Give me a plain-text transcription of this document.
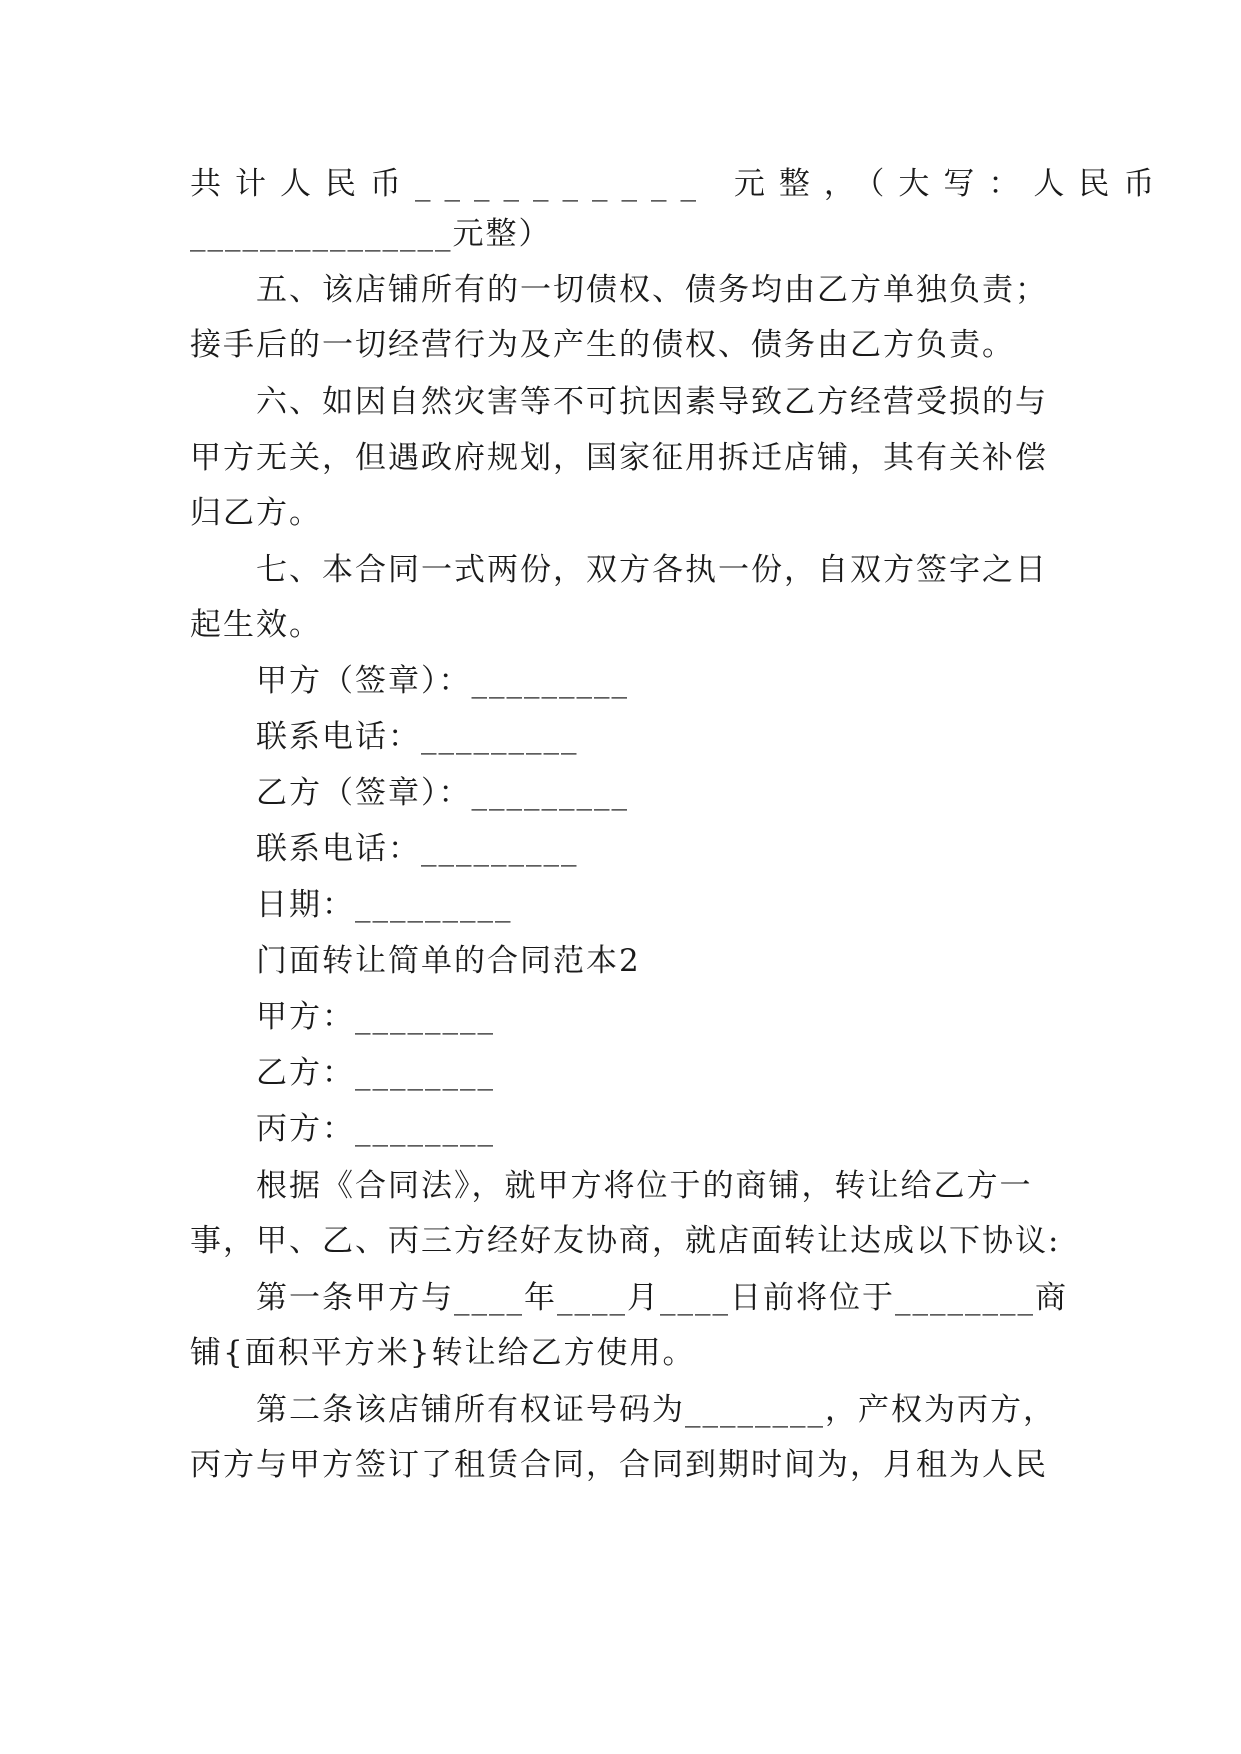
共计人民币__________ 元整，（大写：人民币
_______________元整）
五、该店铺所有的一切债权、债务均由乙方单独负责；
接手后的一切经营行为及产生的债权、债务由乙方负责。
六、如因自然灾害等不可抗因素导致乙方经营受损的与
甲方无关，但遇政府规划，国家征用拆迁店铺，其有关补偿
归乙方。
七、本合同一式两份，双方各执一份，自双方签字之日
起生效。
甲方（签章）：_________
联系电话：_________
乙方（签章）：_________
联系电话：_________
日期：_________
门面转让简单的合同范本2
甲方：________
乙方：________
丙方：________
根据《合同法》，就甲方将位于的商铺，转让给乙方一
事，甲、乙、丙三方经好友协商，就店面转让达成以下协议:
第一条甲方与____年____月____日前将位于________商
铺{面积平方米}转让给乙方使用。
第二条该店铺所有权证号码为________，产权为丙方，
丙方与甲方签订了租赁合同，合同到期时间为，月租为人民
